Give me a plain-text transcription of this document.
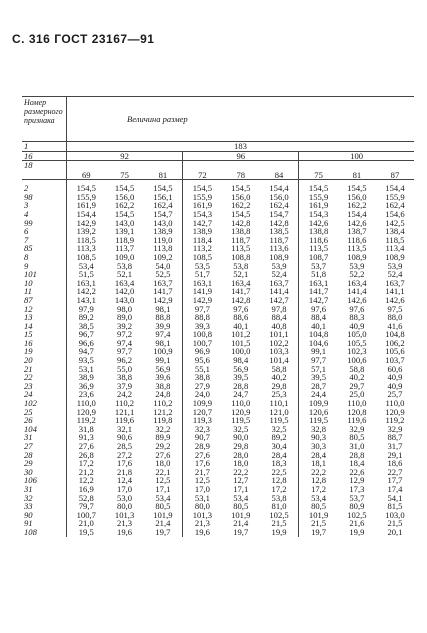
С. 316 ГОСТ 23167—91
Номер размерного признака	Величина размер								
1	183								
16	92			96			100		
18	69	75	81	72	78	84	75	81	87
2	154,5	154,5	154,5	154,5	154,5	154,4	154,5	154,5	154,4
98	155,9	156,0	156,1	155,9	156,0	156,0	155,9	156,0	155,9
3	161,9	162,2	162,4	161,9	162,2	162,4	161,9	162,2	162,4
4	154,4	154,5	154,7	154,3	154,5	154,7	154,3	154,4	154,6
99	142,9	143,0	143,0	142,7	142,8	142,8	142,6	142,6	142,5
6	139,2	139,1	138,9	138,9	138,8	138,5	138,8	138,7	138,4
7	118,5	118,9	119,0	118,4	118,7	118,7	118,6	118,6	118,5
85	113,3	113,7	113,8	113,2	113,5	113,6	113,5	113,5	113,4
8	108,5	109,0	109,2	108,5	108,8	108,9	108,7	108,9	108,9
9	53,4	53,8	54,0	53,5	53,8	53,9	53,7	53,9	53,9
101	51,5	52,1	52,5	51,7	52,1	52,4	51,8	52,2	52,4
10	163,1	163,4	163,7	163,1	163,4	163,7	163,1	163,4	163,7
11	142,2	142,0	141,7	141,9	141,7	141,4	141,7	141,4	141,1
87	143,1	143,0	142,9	142,9	142,8	142,7	142,7	142,6	142,6
12	97,9	98,0	98,1	97,7	97,6	97,8	97,6	97,6	97,5
13	89,2	89,0	88,8	88,8	88,6	88,4	88,4	88,3	88,0
14	38,5	39,2	39,9	39,3	40,1	40,8	40,1	40,9	41,6
15	96,7	97,2	97,4	100,8	101,2	101,1	104,8	105,0	104,8
16	96,6	97,4	98,1	100,7	101,5	102,2	104,6	105,5	106,2
19	94,7	97,7	100,9	96,9	100,0	103,3	99,1	102,3	105,6
20	93,5	96,2	99,1	95,6	98,4	101,4	97,7	100,6	103,7
21	53,1	55,0	56,9	55,1	56,9	58,8	57,1	58,8	60,6
22	38,9	38,8	39,6	38,8	39,5	40,2	39,5	40,2	40,9
23	36,9	37,9	38,8	27,9	28,8	29,8	28,7	29,7	40,9
24	23,6	24,2	24,8	24,0	24,7	25,3	24,4	25,0	25,7
102	110,0	110,2	110,2	109,9	110,0	110,1	109,9	110,0	110,0
25	120,9	121,1	121,2	120,7	120,9	121,0	120,6	120,8	120,9
26	119,2	119,6	119,8	119,3	119,5	119,5	119,5	119,6	119,2
104	31,8	32,1	32,2	32,3	32,5	32,5	32,8	32,9	32,9
31	91,3	90,6	89,9	90,7	90,0	89,2	90,3	80,5	88,7
27	27,6	28,5	29,2	28,9	29,8	30,4	30,3	31,0	31,7
28	26,8	27,2	27,6	27,6	28,0	28,4	28,4	28,8	29,1
29	17,2	17,6	18,0	17,6	18,0	18,3	18,1	18,4	18,6
30	21,2	21,8	22,1	21,7	22,2	22,5	22,2	22,6	22,7
106	12,2	12,4	12,5	12,5	12,7	12,8	12,8	12,9	17,7
31	16,9	17,0	17,1	17,0	17,1	17,2	17,2	17,3	17,4
32	52,8	53,0	53,4	53,1	53,4	53,8	53,4	53,7	54,1
33	79,7	80,0	80,5	80,0	80,5	81,0	80,5	80,9	81,5
90	100,7	101,3	101,9	101,3	101,9	102,5	101,9	102,5	103,0
91	21,0	21,3	21,4	21,3	21,4	21,5	21,5	21,6	21,5
108	19,5	19,6	19,7	19,6	19,7	19,9	19,7	19,9	20,1
